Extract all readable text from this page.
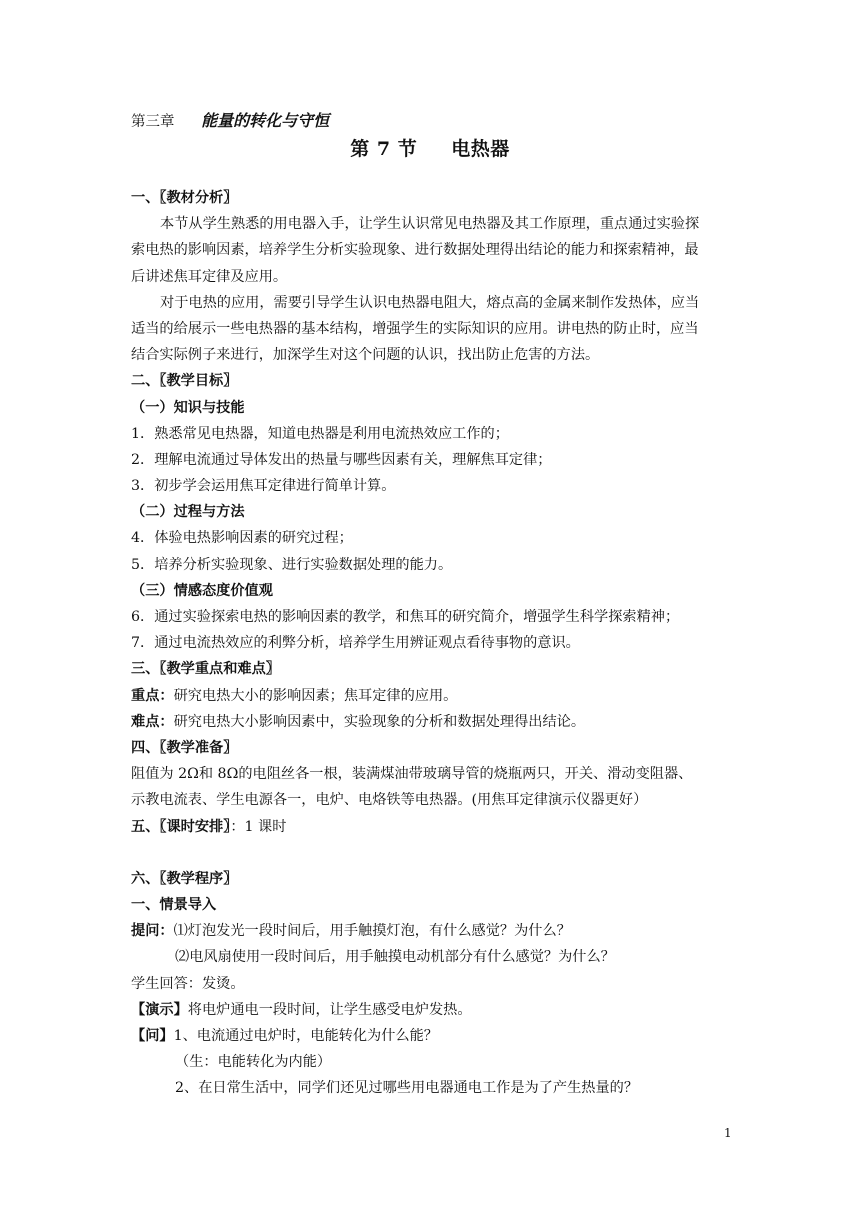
第三章 能量的转化与守恒
第 7 节 电热器
一、〖教材分析〗
本节从学生熟悉的用电器入手，让学生认识常见电热器及其工作原理，重点通过实验探
索电热的影响因素，培养学生分析实验现象、进行数据处理得出结论的能力和探索精神，最
后讲述焦耳定律及应用。
对于电热的应用，需要引导学生认识电热器电阻大，熔点高的金属来制作发热体，应当
适当的给展示一些电热器的基本结构，增强学生的实际知识的应用。讲电热的防止时，应当
结合实际例子来进行，加深学生对这个问题的认识，找出防止危害的方法。
二、〖教学目标〗
（一）知识与技能
1．熟悉常见电热器，知道电热器是利用电流热效应工作的；
2．理解电流通过导体发出的热量与哪些因素有关，理解焦耳定律；
3．初步学会运用焦耳定律进行简单计算。
（二）过程与方法
4．体验电热影响因素的研究过程；
5．培养分析实验现象、进行实验数据处理的能力。
（三）情感态度价值观
6．通过实验探索电热的影响因素的教学，和焦耳的研究简介，增强学生科学探索精神；
7．通过电流热效应的利弊分析，培养学生用辨证观点看待事物的意识。
三、〖教学重点和难点〗
重点：研究电热大小的影响因素；焦耳定律的应用。
难点：研究电热大小影响因素中，实验现象的分析和数据处理得出结论。
四、〖教学准备〗
阻值为 2Ω和 8Ω的电阻丝各一根，装满煤油带玻璃导管的烧瓶两只，开关、滑动变阻器、
示教电流表、学生电源各一，电炉、电烙铁等电热器。(用焦耳定律演示仪器更好）
五、〖课时安排〗：1 课时
六、〖教学程序〗
一、情景导入
提问：⑴灯泡发光一段时间后，用手触摸灯泡，有什么感觉？为什么？
⑵电风扇使用一段时间后，用手触摸电动机部分有什么感觉？为什么？
学生回答：发烫。
【演示】将电炉通电一段时间，让学生感受电炉发热。
【问】1、电流通过电炉时，电能转化为什么能？
（生：电能转化为内能）
2、在日常生活中，同学们还见过哪些用电器通电工作是为了产生热量的？
1
